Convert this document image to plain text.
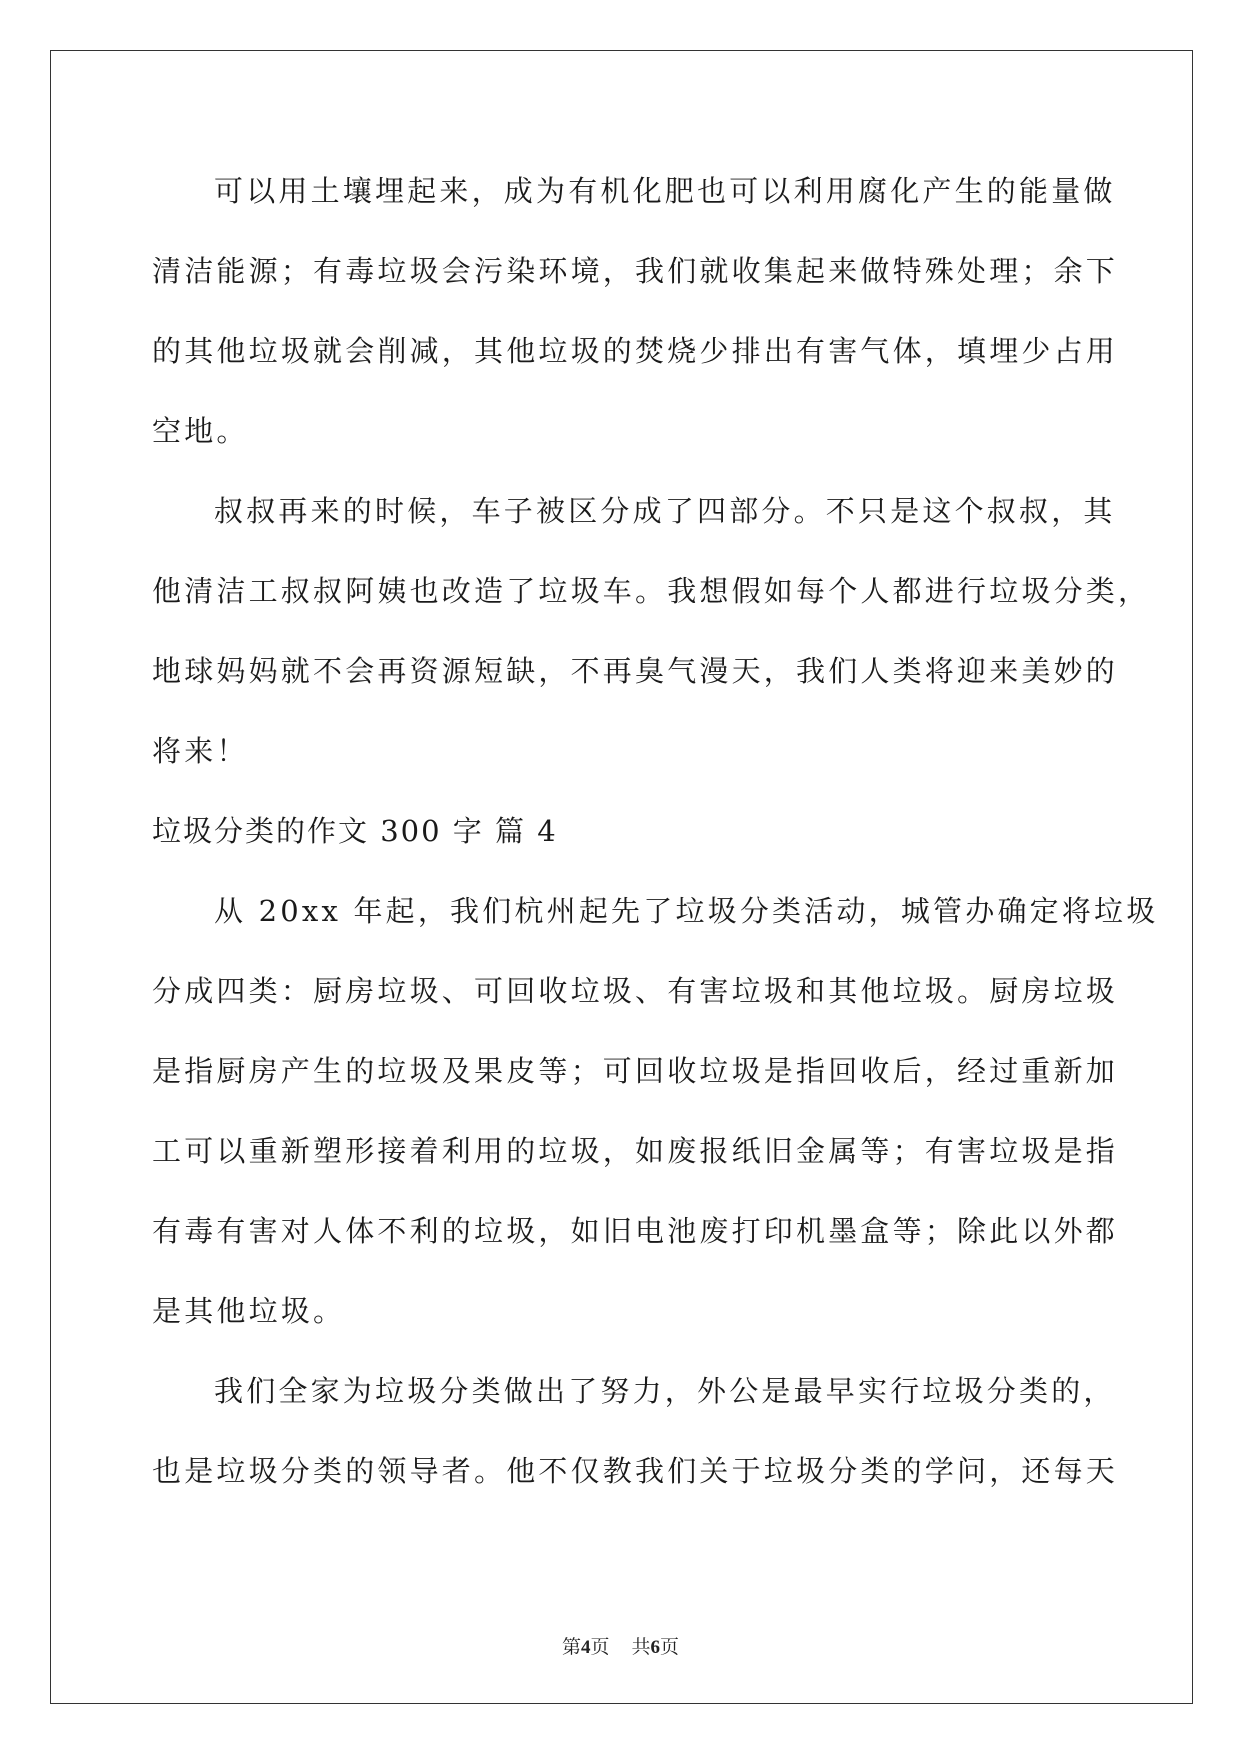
可以用土壤埋起来，成为有机化肥也可以利用腐化产生的能量做
清洁能源；有毒垃圾会污染环境，我们就收集起来做特殊处理；余下
的其他垃圾就会削减，其他垃圾的焚烧少排出有害气体，填埋少占用
空地。
叔叔再来的时候，车子被区分成了四部分。不只是这个叔叔，其
他清洁工叔叔阿姨也改造了垃圾车。我想假如每个人都进行垃圾分类，
地球妈妈就不会再资源短缺，不再臭气漫天，我们人类将迎来美妙的
将来！
垃圾分类的作文 300 字 篇 4
从 20xx 年起，我们杭州起先了垃圾分类活动，城管办确定将垃圾
分成四类：厨房垃圾、可回收垃圾、有害垃圾和其他垃圾。厨房垃圾
是指厨房产生的垃圾及果皮等；可回收垃圾是指回收后，经过重新加
工可以重新塑形接着利用的垃圾，如废报纸旧金属等；有害垃圾是指
有毒有害对人体不利的垃圾，如旧电池废打印机墨盒等；除此以外都
是其他垃圾。
我们全家为垃圾分类做出了努力，外公是最早实行垃圾分类的，
也是垃圾分类的领导者。他不仅教我们关于垃圾分类的学问，还每天
第4页 共6页
